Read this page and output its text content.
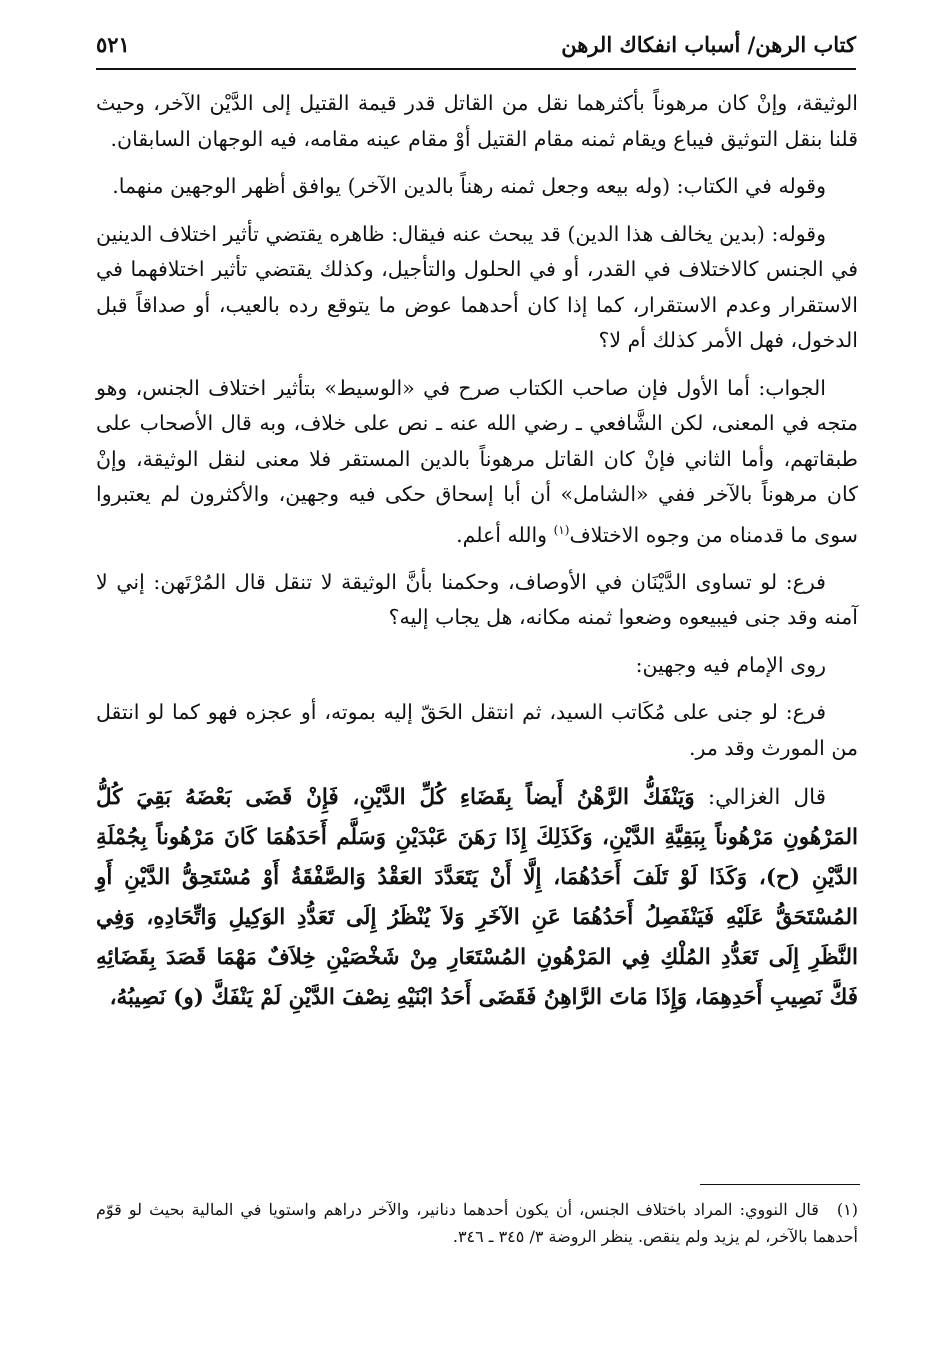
كتاب الرهن/ أسباب انفكاك الرهن
٥٢١

الوثيقة، وإنْ كان مرهوناً بأكثرهما نقل من القاتل قدر قيمة القتيل إلى الدَّيْن الآخر، وحيث قلنا بنقل التوثيق فيباع ويقام ثمنه مقام القتيل أوْ مقام عينه مقامه، فيه الوجهان السابقان.

وقوله في الكتاب: (وله بيعه وجعل ثمنه رهناً بالدين الآخر) يوافق أظهر الوجهين منهما.

وقوله: (بدين يخالف هذا الدين) قد يبحث عنه فيقال: ظاهره يقتضي تأثير اختلاف الدينين في الجنس كالاختلاف في القدر، أو في الحلول والتأجيل، وكذلك يقتضي تأثير اختلافهما في الاستقرار وعدم الاستقرار، كما إذا كان أحدهما عوض ما يتوقع رده بالعيب، أو صداقاً قبل الدخول، فهل الأمر كذلك أم لا؟

الجواب: أما الأول فإن صاحب الكتاب صرح في «الوسيط» بتأثير اختلاف الجنس، وهو متجه في المعنى، لكن الشَّافعي ـ رضي الله عنه ـ نص على خلاف، وبه قال الأصحاب على طبقاتهم، وأما الثاني فإنْ كان القاتل مرهوناً بالدين المستقر فلا معنى لنقل الوثيقة، وإنْ كان مرهوناً بالآخر ففي «الشامل» أن أبا إسحاق حكى فيه وجهين، والأكثرون لم يعتبروا سوى ما قدمناه من وجوه الاختلاف$^{(١)}$ والله أعلم.

فرع: لو تساوى الدَّيْنَان في الأوصاف، وحكمنا بأنَّ الوثيقة لا تنقل قال المُرْتَهن: إني لا آمنه وقد جنى فيبيعوه وضعوا ثمنه مكانه، هل يجاب إليه؟

روى الإمام فيه وجهين:

فرع: لو جنى على مُكَاتب السيد، ثم انتقل الحَقّ إليه بموته، أو عجزه فهو كما لو انتقل من المورث وقد مر.

قال الغزالي: وَيَنْفَكُّ الرَّهْنُ أَيضاً بِقَضَاءِ كُلِّ الدَّيْنِ، فَإِنْ قَضَى بَعْضَهُ بَقِيَ كُلُّ المَرْهُونِ مَرْهُوناً بِبَقِيَّةِ الدَّيْنِ، وَكَذَلِكَ إِذَا رَهَنَ عَبْدَيْنِ وَسَلَّم أَحَدَهُمَا كَانَ مَرْهُوناً بِجُمْلَةِ الدَّيْنِ (ح)، وَكَذَا لَوْ تَلَفَ أَحَدُهُمَا، إِلَّا أَنْ يَتَعَدَّدَ العَقْدُ وَالصَّفْقَةُ أَوْ مُسْتَحِقُّ الدَّيْنِ أَوِ المُسْتَحَقُّ عَلَيْهِ فَيَنْفَصِلُ أَحَدُهُمَا عَنِ الآخَرِ وَلاَ يُنْظَرُ إِلَى تَعَدُّدِ الوَكِيلِ وَاتِّحَادِهِ، وَفِي النَّظَرِ إِلَى تَعَدُّدِ المُلْكِ فِي المَرْهُونِ المُسْتَعَارِ مِنْ شَخْصَيْنِ خِلاَفٌ مَهْمَا قَصَدَ بِقَضَائِهِ فَكَّ نَصِيبِ أَحَدِهِمَا، وَإِذَا مَاتَ الرَّاهِنُ فَقَضَى أَحَدُ ابْنَيْهِ نِصْفَ الدَّيْنِ لَمْ يَنْفَكَّ (و) نَصِيبُهُ،

(١)قال النووي: المراد باختلاف الجنس، أن يكون أحدهما دنانير، والآخر دراهم واستويا في المالية بحيث لو قوّم أحدهما بالآخر، لم يزيد ولم ينقص. ينظر الروضة ٣/ ٣٤٥ ـ ٣٤٦.
